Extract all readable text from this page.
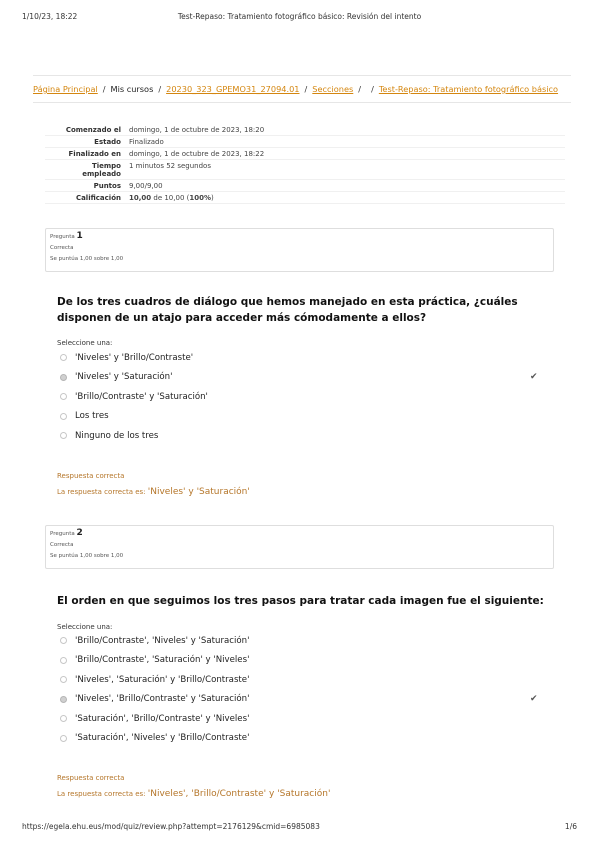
1/10/23, 18:22	Test-Repaso: Tratamiento fotográfico básico: Revisión del intento
Página Principal / Mis cursos / 20230_323_GPEMO31_27094.01 / Secciones / / Test-Repaso: Tratamiento fotográfico básico
Comenzado el	domingo, 1 de octubre de 2023, 18:20
Estado	Finalizado
Finalizado en	domingo, 1 de octubre de 2023, 18:22
Tiempo
empleado	1 minutos 52 segundos
Puntos	9,00/9,00
Calificación	10,00 de 10,00 (100%)
Pregunta 1
Correcta
Se puntúa 1,00 sobre 1,00
De los tres cuadros de diálogo que hemos manejado en esta práctica, ¿cuáles disponen de un atajo para acceder más cómodamente a ellos?
Seleccione una:
'Niveles' y 'Brillo/Contraste'
'Niveles' y 'Saturación'	✔
'Brillo/Contraste' y 'Saturación'
Los tres
Ninguno de los tres
Respuesta correcta
La respuesta correcta es: 'Niveles' y 'Saturación'
Pregunta 2
Correcta
Se puntúa 1,00 sobre 1,00
El orden en que seguimos los tres pasos para tratar cada imagen fue el siguiente:
Seleccione una:
'Brillo/Contraste', 'Niveles' y 'Saturación'
'Brillo/Contraste', 'Saturación' y 'Niveles'
'Niveles', 'Saturación' y 'Brillo/Contraste'
'Niveles', 'Brillo/Contraste' y 'Saturación'	✔
'Saturación', 'Brillo/Contraste' y 'Niveles'
'Saturación', 'Niveles' y 'Brillo/Contraste'
Respuesta correcta
La respuesta correcta es: 'Niveles', 'Brillo/Contraste' y 'Saturación'
https://egela.ehu.eus/mod/quiz/review.php?attempt=2176129&cmid=6985083	1/6
